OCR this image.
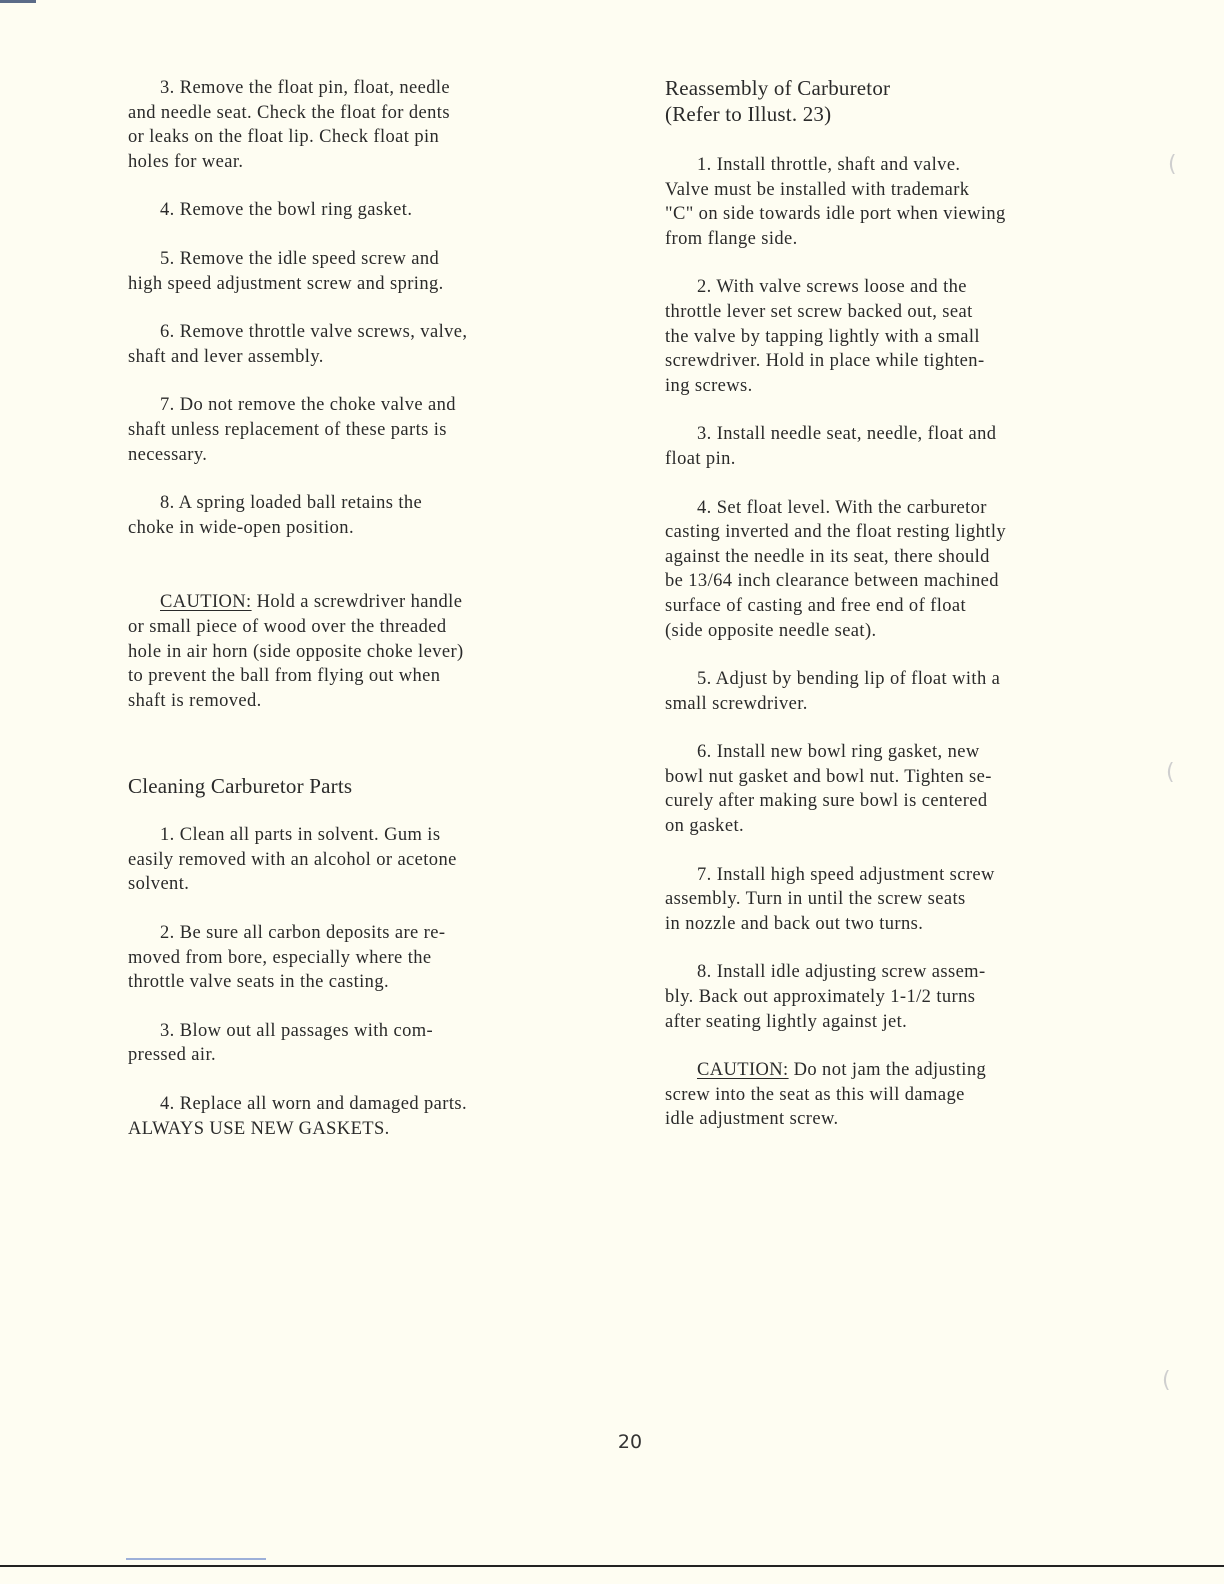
3. Remove the float pin, float, needle
and needle seat. Check the float for dents
or leaks on the float lip. Check float pin
holes for wear.
4. Remove the bowl ring gasket.
5. Remove the idle speed screw and
high speed adjustment screw and spring.
6. Remove throttle valve screws, valve,
shaft and lever assembly.
7. Do not remove the choke valve and
shaft unless replacement of these parts is
necessary.
8. A spring loaded ball retains the
choke in wide-open position.
CAUTION: Hold a screwdriver handle
or small piece of wood over the threaded
hole in air horn (side opposite choke lever)
to prevent the ball from flying out when
shaft is removed.
Cleaning Carburetor Parts
1. Clean all parts in solvent. Gum is
easily removed with an alcohol or acetone
solvent.
2. Be sure all carbon deposits are re-
moved from bore, especially where the
throttle valve seats in the casting.
3. Blow out all passages with com-
pressed air.
4. Replace all worn and damaged parts.
ALWAYS USE NEW GASKETS.
Reassembly of Carburetor
(Refer to Illust. 23)
1. Install throttle, shaft and valve.
Valve must be installed with trademark
"C" on side towards idle port when viewing
from flange side.
2. With valve screws loose and the
throttle lever set screw backed out, seat
the valve by tapping lightly with a small
screwdriver. Hold in place while tighten-
ing screws.
3. Install needle seat, needle, float and
float pin.
4. Set float level. With the carburetor
casting inverted and the float resting lightly
against the needle in its seat, there should
be 13/64 inch clearance between machined
surface of casting and free end of float
(side opposite needle seat).
5. Adjust by bending lip of float with a
small screwdriver.
6. Install new bowl ring gasket, new
bowl nut gasket and bowl nut. Tighten se-
curely after making sure bowl is centered
on gasket.
7. Install high speed adjustment screw
assembly. Turn in until the screw seats
in nozzle and back out two turns.
8. Install idle adjusting screw assem-
bly. Back out approximately 1-1/2 turns
after seating lightly against jet.
CAUTION: Do not jam the adjusting
screw into the seat as this will damage
idle adjustment screw.
20
(
(
(
